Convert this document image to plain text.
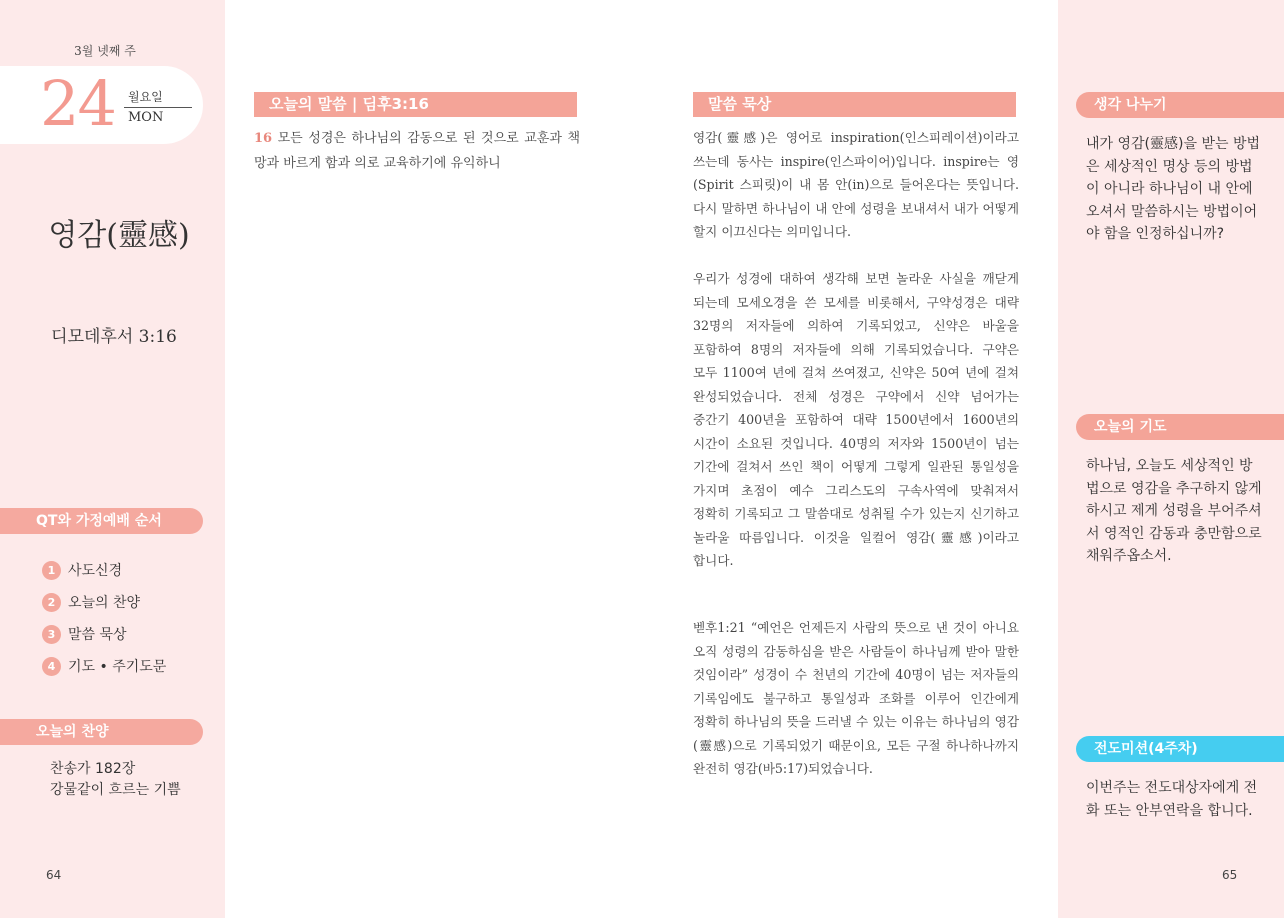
3월 넷째 주
24 월요일
MON
영감(靈感)
디모데후서 3:16
QT와 가정예배 순서
1 사도신경
2 오늘의 찬양
3 말씀 묵상
4 기도 • 주기도문
오늘의 찬양
찬송가 182장
강물같이 흐르는 기쁨
64
오늘의 말씀 | 딤후3:16
16 모든 성경은 하나님의 감동으로 된 것으로 교훈과 책망과 바르게 함과 의로 교육하기에 유익하니
말씀 묵상

영감(靈感)은 영어로 inspiration(인스피레이션)이라고 쓰는데 동사는 inspire(인스파이어)입니다. inspire는 영(Spirit 스피릿)이 내 몸 안(in)으로 들어온다는 뜻입니다. 다시 말하면 하나님이 내 안에 성령을 보내셔서 내가 어떻게 할지 이끄신다는 의미입니다.

우리가 성경에 대하여 생각해 보면 놀라운 사실을 깨닫게 되는데 모세오경을 쓴 모세를 비롯해서, 구약성경은 대략 32명의 저자들에 의하여 기록되었고, 신약은 바울을 포함하여 8명의 저자들에 의해 기록되었습니다. 구약은 모두 1100여 년에 걸쳐 쓰여졌고, 신약은 50여 년에 걸쳐 완성되었습니다. 전체 성경은 구약에서 신약 넘어가는 중간기 400년을 포함하여 대략 1500년에서 1600년의 시간이 소요된 것입니다. 40명의 저자와 1500년이 넘는 기간에 걸쳐서 쓰인 책이 어떻게 그렇게 일관된 통일성을 가지며 초점이 예수 그리스도의 구속사역에 맞춰져서 정확히 기록되고 그 말씀대로 성취될 수가 있는지 신기하고 놀라울 따름입니다. 이것을 일컬어 영감(靈感)이라고 합니다.

벧후1:21 “예언은 언제든지 사람의 뜻으로 낸 것이 아니요 오직 성령의 감동하심을 받은 사람들이 하나님께 받아 말한 것임이라” 성경이 수 천년의 기간에 40명이 넘는 저자들의 기록임에도 불구하고 통일성과 조화를 이루어 인간에게 정확히 하나님의 뜻을 드러낼 수 있는 이유는 하나님의 영감(靈感)으로 기록되었기 때문이요, 모든 구절 하나하나까지 완전히 영감(바5:17)되었습니다.

생각 나누기
내가 영감(靈感)을 받는 방법은 세상적인 명상 등의 방법이 아니라 하나님이 내 안에 오셔서 말씀하시는 방법이어야 함을 인정하십니까?
오늘의 기도
하나님, 오늘도 세상적인 방법으로 영감을 추구하지 않게 하시고 제게 성령을 부어주셔서 영적인 감동과 충만함으로 채워주옵소서.
전도미션(4주차)
이번주는 전도대상자에게 전화 또는 안부연락을 합니다.
65
